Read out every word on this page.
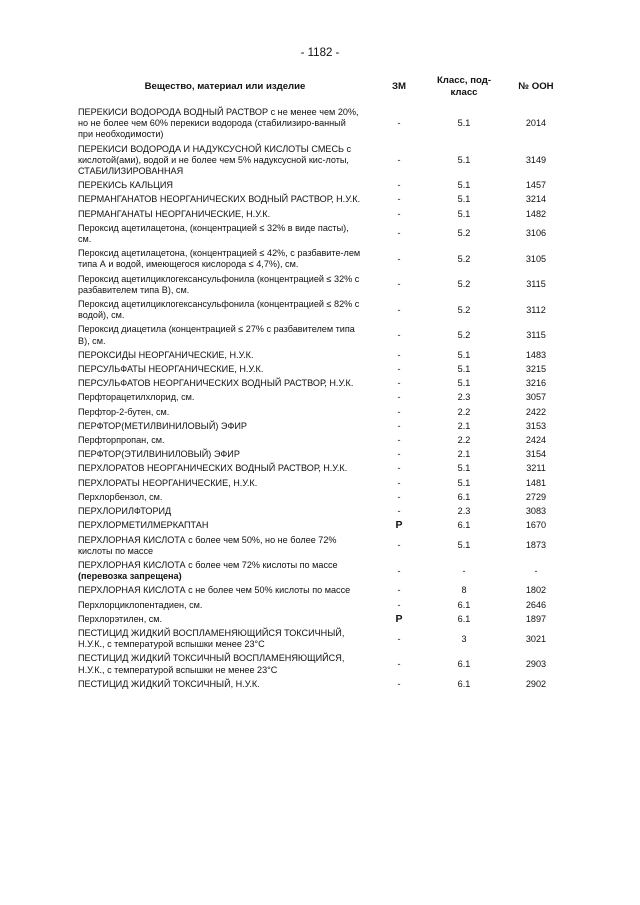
- 1182 -
Вещество, материал или изделие	ЗМ	Класс, под-класс	№ ООН
ПЕРЕКИСИ ВОДОРОДА ВОДНЫЙ РАСТВОР с не менее чем 20%, но не более чем 60% перекиси водорода (стабилизиро-ванный при необходимости)	-	5.1	2014
ПЕРЕКИСИ ВОДОРОДА И НАДУКСУСНОЙ КИСЛОТЫ СМЕСЬ с кислотой(ами), водой и не более чем 5% надуксусной кис-лоты, СТАБИЛИЗИРОВАННАЯ	-	5.1	3149
ПЕРЕКИСЬ КАЛЬЦИЯ	-	5.1	1457
ПЕРМАНГАНАТОВ НЕОРГАНИЧЕСКИХ ВОДНЫЙ РАСТВОР, Н.У.К.	-	5.1	3214
ПЕРМАНГАНАТЫ НЕОРГАНИЧЕСКИЕ, Н.У.К.	-	5.1	1482
Пероксид ацетилацетона, (концентрацией ≤ 32% в виде пасты), см.	-	5.2	3106
Пероксид ацетилацетона, (концентрацией ≤ 42%, с разбавите-лем типа А и водой, имеющегося кислорода ≤ 4,7%), см.	-	5.2	3105
Пероксид ацетилциклогексансульфонила (концентрацией ≤ 32% с разбавителем типа В), см.	-	5.2	3115
Пероксид ацетилциклогексансульфонила (концентрацией ≤ 82% с водой), см.	-	5.2	3112
Пероксид диацетила (концентрацией ≤ 27% с разбавителем типа В), см.	-	5.2	3115
ПЕРОКСИДЫ НЕОРГАНИЧЕСКИЕ, Н.У.К.	-	5.1	1483
ПЕРСУЛЬФАТЫ НЕОРГАНИЧЕСКИЕ, Н.У.К.	-	5.1	3215
ПЕРСУЛЬФАТОВ НЕОРГАНИЧЕСКИХ ВОДНЫЙ РАСТВОР, Н.У.К.	-	5.1	3216
Перфторацетилхлорид, см.	-	2.3	3057
Перфтор-2-бутен, см.	-	2.2	2422
ПЕРФТОР(МЕТИЛВИНИЛОВЫЙ) ЭФИР	-	2.1	3153
Перфторпропан, см.	-	2.2	2424
ПЕРФТОР(ЭТИЛВИНИЛОВЫЙ) ЭФИР	-	2.1	3154
ПЕРХЛОРАТОВ НЕОРГАНИЧЕСКИХ ВОДНЫЙ РАСТВОР, Н.У.К.	-	5.1	3211
ПЕРХЛОРАТЫ НЕОРГАНИЧЕСКИЕ, Н.У.К.	-	5.1	1481
Перхлорбензол, см.	-	6.1	2729
ПЕРХЛОРИЛФТОРИД	-	2.3	3083
ПЕРХЛОРМЕТИЛМЕРКАПТАН	P	6.1	1670
ПЕРХЛОРНАЯ КИСЛОТА с более чем 50%, но не более 72% кислоты по массе	-	5.1	1873
ПЕРХЛОРНАЯ КИСЛОТА с более чем 72% кислоты по массе (перевозка запрещена)	-	-	-
ПЕРХЛОРНАЯ КИСЛОТА с не более чем 50% кислоты по массе	-	8	1802
Перхлорциклопентадиен, см.	-	6.1	2646
Перхлорэтилен, см.	P	6.1	1897
ПЕСТИЦИД ЖИДКИЙ ВОСПЛАМЕНЯЮЩИЙСЯ ТОКСИЧНЫЙ, Н.У.К., с температурой вспышки менее 23°С	-	3	3021
ПЕСТИЦИД ЖИДКИЙ ТОКСИЧНЫЙ ВОСПЛАМЕНЯЮЩИЙСЯ, Н.У.К., с температурой вспышки не менее 23°С	-	6.1	2903
ПЕСТИЦИД ЖИДКИЙ ТОКСИЧНЫЙ, Н.У.К.	-	6.1	2902
